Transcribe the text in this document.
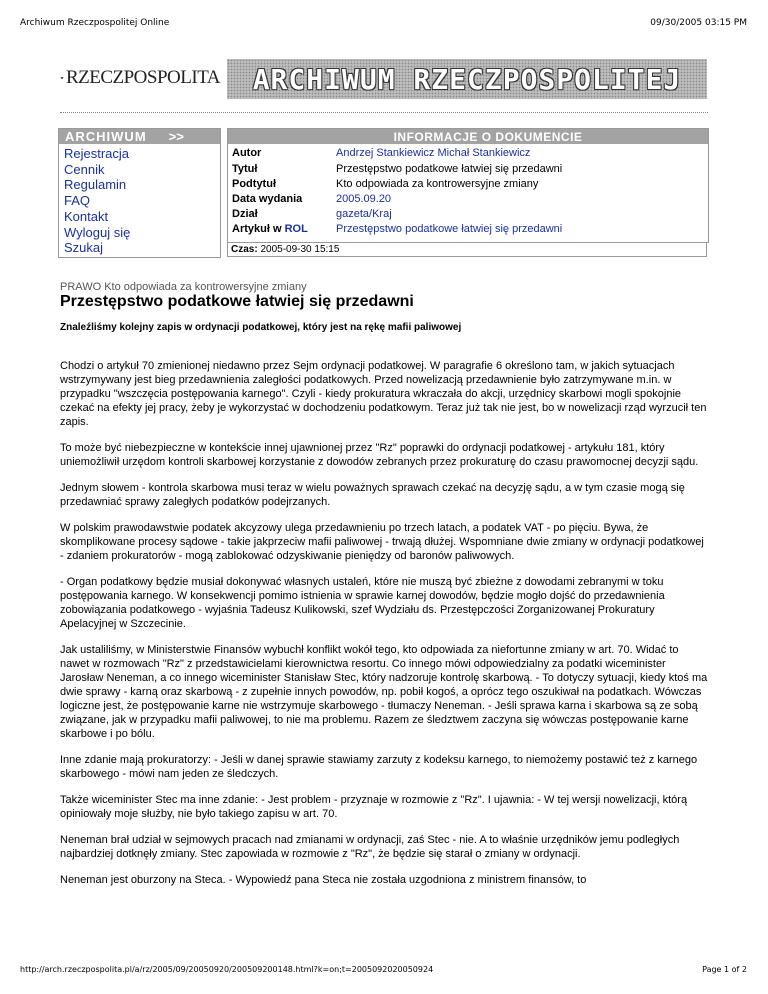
Archiwum Rzeczpospolitej Online	09/30/2005 03:15 PM
RZECZPOSPOLITA ARCHIWUM RZECZPOSPOLITEJ
ARCHIWUM >>
Rejestracja
Cennik
Regulamin
FAQ
Kontakt
Wyloguj się
Szukaj
INFORMACJE O DOKUMENCIE
Autor	Andrzej Stankiewicz Michał Stankiewicz
Tytuł	Przestępstwo podatkowe łatwiej się przedawni
Podtytuł	Kto odpowiada za kontrowersyjne zmiany
Data wydania	2005.09.20
Dział	gazeta/Kraj
Artykuł w ROL	Przestępstwo podatkowe łatwiej się przedawni
Czas: 2005-09-30 15:15
PRAWO Kto odpowiada za kontrowersyjne zmiany
Przestępstwo podatkowe łatwiej się przedawni
Znaleźliśmy kolejny zapis w ordynacji podatkowej, który jest na rękę mafii paliwowej

Chodzi o artykuł 70 zmienionej niedawno przez Sejm ordynacji podatkowej. W paragrafie 6 określono tam, w jakich sytuacjach wstrzymywany jest bieg przedawnienia zaległości podatkowych. Przed nowelizacją przedawnienie było zatrzymywane m.in. w przypadku "wszczęcia postępowania karnego". Czyli - kiedy prokuratura wkraczała do akcji, urzędnicy skarbowi mogli spokojnie czekać na efekty jej pracy, żeby je wykorzystać w dochodzeniu podatkowym. Teraz już tak nie jest, bo w nowelizacji rząd wyrzucił ten zapis.

To może być niebezpieczne w kontekście innej ujawnionej przez "Rz" poprawki do ordynacji podatkowej - artykułu 181, który uniemożliwił urzędom kontroli skarbowej korzystanie z dowodów zebranych przez prokuraturę do czasu prawomocnej decyzji sądu.

Jednym słowem - kontrola skarbowa musi teraz w wielu poważnych sprawach czekać na decyzję sądu, a w tym czasie mogą się przedawniać sprawy zaległych podatków podejrzanych.

W polskim prawodawstwie podatek akcyzowy ulega przedawnieniu po trzech latach, a podatek VAT - po pięciu. Bywa, że skomplikowane procesy sądowe - takie jakprzeciw mafii paliwowej - trwają dłużej. Wspomniane dwie zmiany w ordynacji podatkowej - zdaniem prokuratorów - mogą zablokować odzyskiwanie pieniędzy od baronów paliwowych.

- Organ podatkowy będzie musiał dokonywać własnych ustaleń, które nie muszą być zbieżne z dowodami zebranymi w toku postępowania karnego. W konsekwencji pomimo istnienia w sprawie karnej dowodów, będzie mogło dojść do przedawnienia zobowiązania podatkowego - wyjaśnia Tadeusz Kulikowski, szef Wydziału ds. Przestępczości Zorganizowanej Prokuratury Apelacyjnej w Szczecinie.

Jak ustaliliśmy, w Ministerstwie Finansów wybuchł konflikt wokół tego, kto odpowiada za niefortunne zmiany w art. 70. Widać to nawet w rozmowach "Rz" z przedstawicielami kierownictwa resortu. Co innego mówi odpowiedzialny za podatki wiceminister Jarosław Neneman, a co innego wiceminister Stanisław Stec, który nadzoruje kontrolę skarbową. - To dotyczy sytuacji, kiedy ktoś ma dwie sprawy - karną oraz skarbową - z zupełnie innych powodów, np. pobił kogoś, a oprócz tego oszukiwał na podatkach. Wówczas logiczne jest, że postępowanie karne nie wstrzymuje skarbowego - tłumaczy Neneman. - Jeśli sprawa karna i skarbowa są ze sobą związane, jak w przypadku mafii paliwowej, to nie ma problemu. Razem ze śledztwem zaczyna się wówczas postępowanie karne skarbowe i po bólu.

Inne zdanie mają prokuratorzy: - Jeśli w danej sprawie stawiamy zarzuty z kodeksu karnego, to niemożemy postawić też z karnego skarbowego - mówi nam jeden ze śledczych.

Także wiceminister Stec ma inne zdanie: - Jest problem - przyznaje w rozmowie z "Rz". I ujawnia: - W tej wersji nowelizacji, którą opiniowały moje służby, nie było takiego zapisu w art. 70.

Neneman brał udział w sejmowych pracach nad zmianami w ordynacji, zaś Stec - nie. A to właśnie urzędników jemu podległych najbardziej dotknęły zmiany. Stec zapowiada w rozmowie z "Rz", że będzie się starał o zmiany w ordynacji.

Neneman jest oburzony na Steca. - Wypowiedź pana Steca nie została uzgodniona z ministrem finansów, to

http://arch.rzeczpospolita.pl/a/rz/2005/09/20050920/200509200148.html?k=on;t=2005092020050924	Page 1 of 2
